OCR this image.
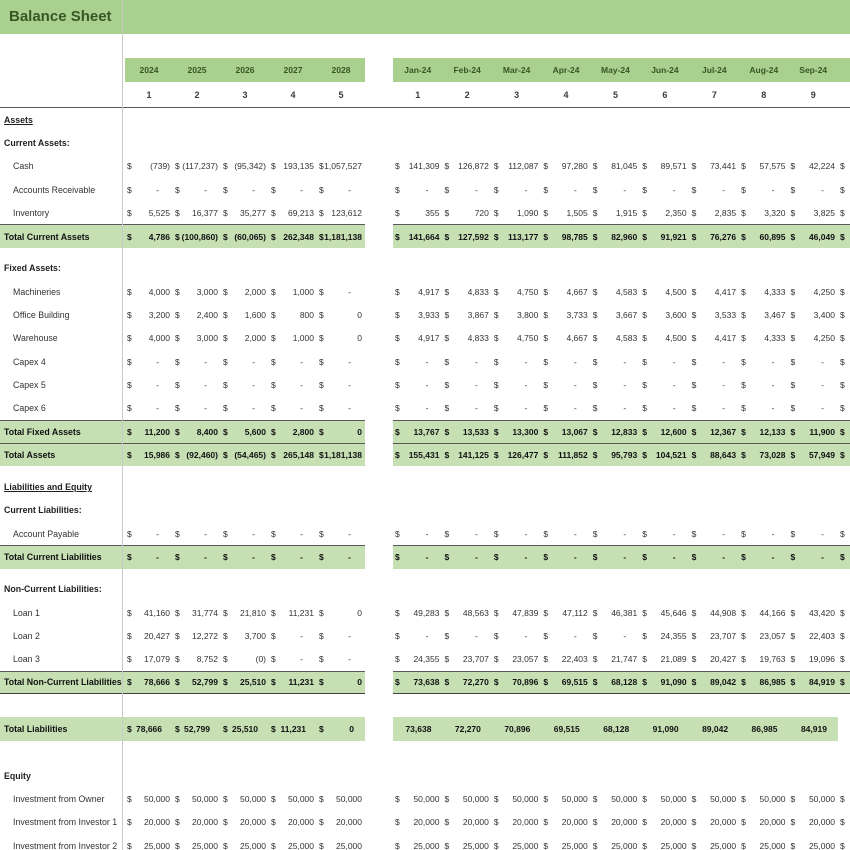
Balance Sheet
2024	2025	2026	2027	2028	Jan-24	Feb-24	Mar-24	Apr-24	May-24	Jun-24	Jul-24	Aug-24	Sep-24
1	2	3	4	5	1	2	3	4	5	6	7	8	9
Assets
Current Assets:
Cash	$	(739) $ (117,237) $ (95,342) $ 193,135 $ 1,057,527	$	141,309 $	126,872 $	112,087 $	97,280 $	81,045 $	89,571 $	73,441 $	57,575 $	42,224 $
Accounts Receivable	$	-	$	-	$	-	$	-	$	-	$	-	$	-	$	-	$	-	$	-	$	-	$	-	$	-	$	-	$
Inventory	$	5,525 $	16,377 $	35,277 $	69,213 $ 123,612	$	355 $	720 $	1,090 $	1,505 $	1,915 $	2,350 $	2,835 $	3,320 $	3,825 $
Total Current Assets	$	4,786 $ (100,860) $ (60,065) $ 262,348 $ 1,181,138	$	141,664 $	127,592 $	113,177 $	98,785 $	82,960 $	91,921 $	76,276 $	60,895 $	46,049 $
Fixed Assets:
Machineries	$	4,000 $	3,000 $	2,000 $	1,000 $	-	$	4,917 $	4,833 $	4,750 $	4,667 $	4,583 $	4,500 $	4,417 $	4,333 $	4,250 $
Office Building	$	3,200 $	2,400 $	1,600 $	800 $	0	$	3,933 $	3,867 $	3,800 $	3,733 $	3,667 $	3,600 $	3,533 $	3,467 $	3,400 $
Warehouse	$	4,000 $	3,000 $	2,000 $	1,000 $	0	$	4,917 $	4,833 $	4,750 $	4,667 $	4,583 $	4,500 $	4,417 $	4,333 $	4,250 $
Capex 4	$	-	$	-	$	-	$	-	$	-	$	-	$	-	$	-	$	-	$	-	$	-	$	-	$	-	$	-	$
Capex 5	$	-	$	-	$	-	$	-	$	-	$	-	$	-	$	-	$	-	$	-	$	-	$	-	$	-	$	-	$
Capex 6	$	-	$	-	$	-	$	-	$	-	$	-	$	-	$	-	$	-	$	-	$	-	$	-	$	-	$	-	$
Total Fixed Assets	$	11,200 $	8,400 $	5,600 $	2,800 $	0	$	13,767 $	13,533 $	13,300 $	13,067 $	12,833 $	12,600 $	12,367 $	12,133 $	11,900 $
Total Assets	$	15,986 $ (92,460) $ (54,465) $ 265,148 $ 1,181,138	$	155,431 $	141,125 $	126,477 $	111,852 $	95,793 $	104,521 $	88,643 $	73,028 $	57,949 $
Liabilities and Equity
Current Liabilities:
Account Payable	$	-	$	-	$	-	$	-	$	-	$	-	$	-	$	-	$	-	$	-	$	-	$	-	$	-	$	-	$
Total Current Liabilities	$	-	$	-	$	-	$	-	$	-	$	-	$	-	$	-	$	-	$	-	$	-	$	-	$	-	$	-	$
Non-Current Liabilities:
Loan 1	$	41,160 $	31,774 $	21,810 $	11,231 $	0	$	49,283 $	48,563 $	47,839 $	47,112 $	46,381 $	45,646 $	44,908 $	44,166 $	43,420 $
Loan 2	$	20,427 $	12,272 $	3,700 $	-	$	-	$	-	$	-	$	-	$	-	$	-	$	24,355 $	23,707 $	23,057 $	22,403 $
Loan 3	$	17,079 $	8,752 $	(0) $	-	$	-	$	24,355 $	23,707 $	23,057 $	22,403 $	21,747 $	21,089 $	20,427 $	19,763 $	19,096 $
Total Non-Current Liabilities $	78,666 $	52,799 $	25,510 $	11,231 $	0	$	73,638 $	72,270 $	70,896 $	69,515 $	68,128 $	91,090 $	89,042 $	86,985 $	84,919 $
Total Liabilities	$ 78,666	$ 52,799	$ 25,510	$ 11,231	$	0	73,638	72,270	70,896	69,515	68,128	91,090	89,042	86,985	84,919
Equity
Investment from Owner	$	50,000 $	50,000 $	50,000 $	50,000 $	50,000	$	50,000 $	50,000 $	50,000 $	50,000 $	50,000 $	50,000 $	50,000 $	50,000 $	50,000 $
Investment from Investor 1	$	20,000 $	20,000 $	20,000 $	20,000 $	20,000	$	20,000 $	20,000 $	20,000 $	20,000 $	20,000 $	20,000 $	20,000 $	20,000 $	20,000 $
Investment from Investor 2	$	25,000 $	25,000 $	25,000 $	25,000 $	25,000	$	25,000 $	25,000 $	25,000 $	25,000 $	25,000 $	25,000 $	25,000 $	25,000 $	25,000 $
